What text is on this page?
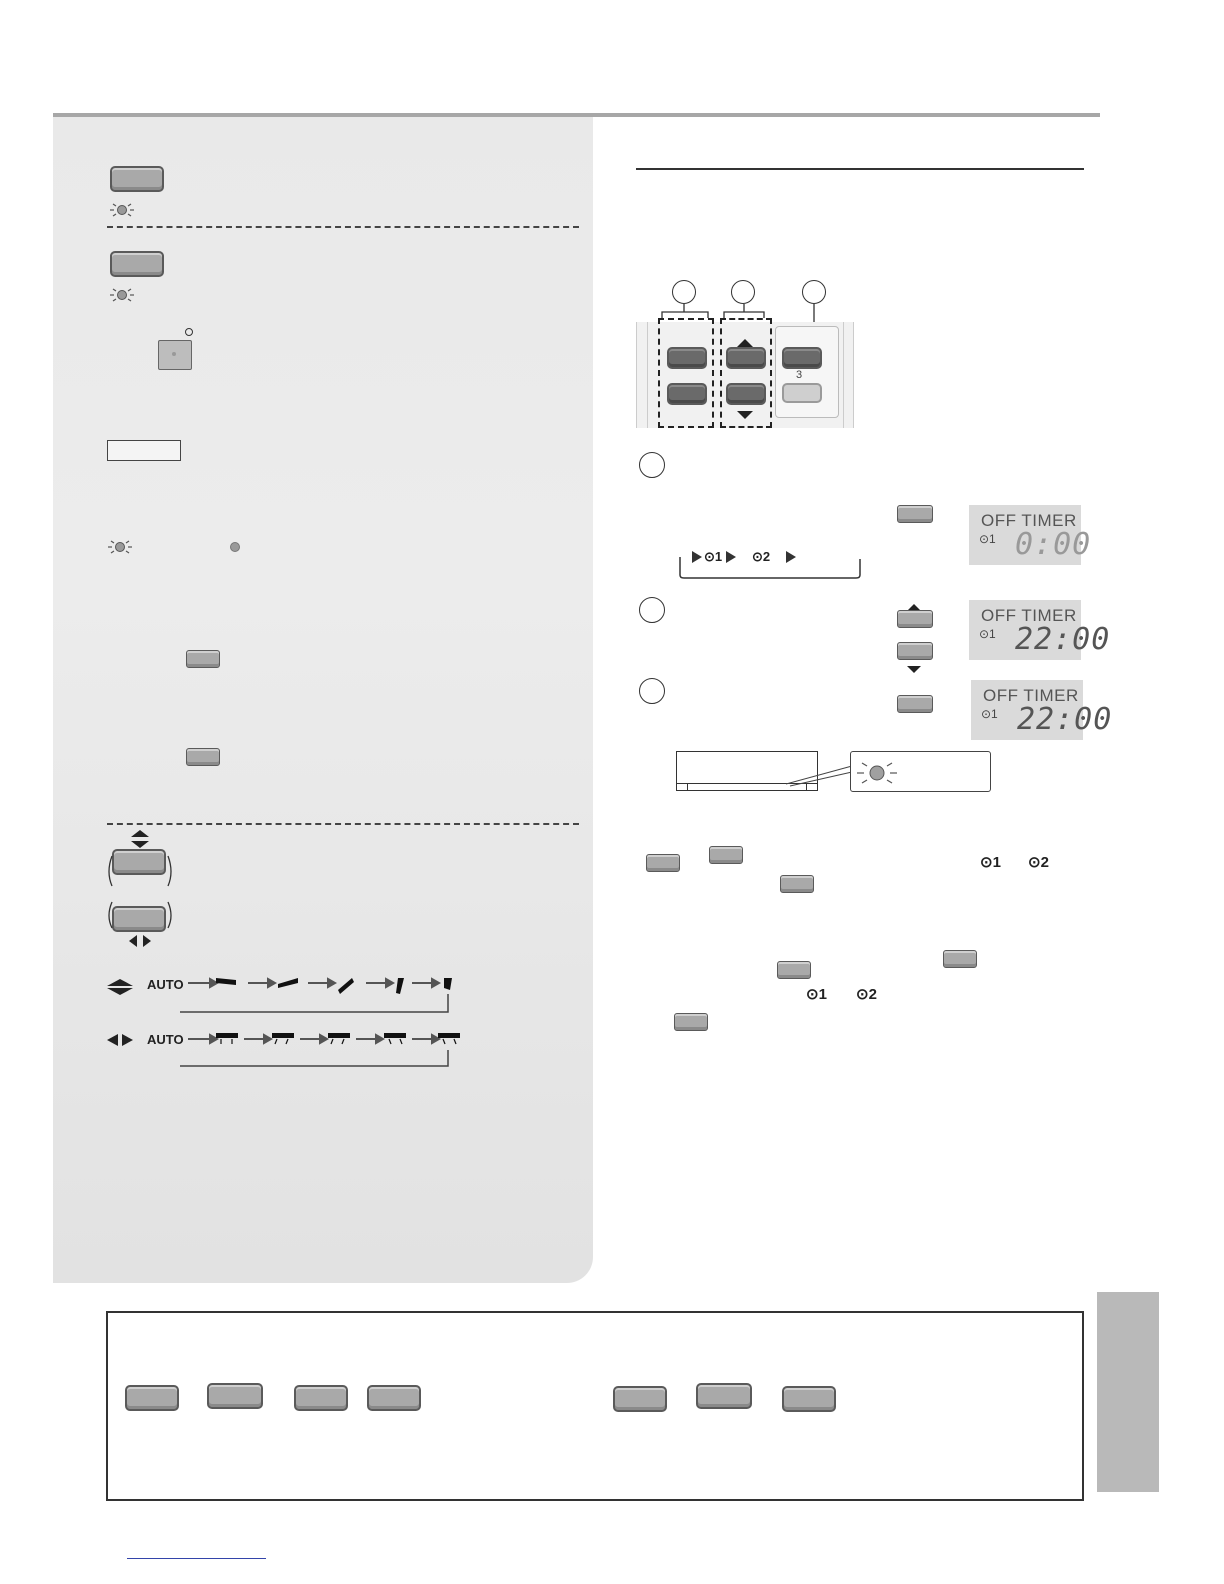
AUTO
AUTO
3
OFF TIMER
⊙1 0:00
⊙1 ⊙2
OFF TIMER
⊙1 22:00
OFF TIMER
⊙1 22:00
⊙1 ⊙2
⊙1 ⊙2
